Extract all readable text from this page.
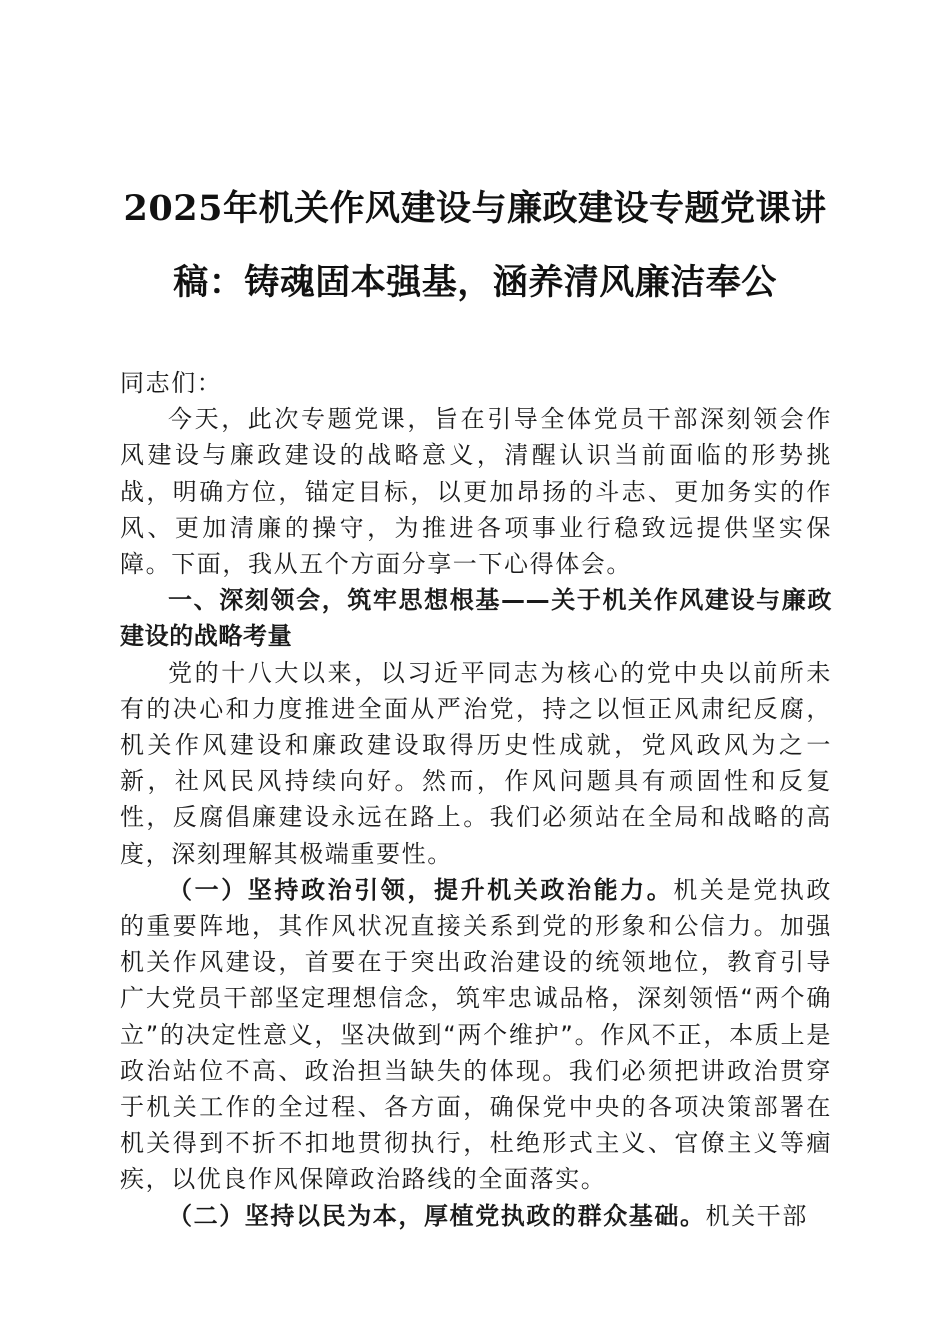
2025年机关作风建设与廉政建设专题党课讲
稿：铸魂固本强基，涵养清风廉洁奉公

同志们：

今天，此次专题党课，旨在引导全体党员干部深刻领会作风建设与廉政建设的战略意义，清醒认识当前面临的形势挑战，明确方位，锚定目标，以更加昂扬的斗志、更加务实的作风、更加清廉的操守，为推进各项事业行稳致远提供坚实保障。下面，我从五个方面分享一下心得体会。

一、深刻领会，筑牢思想根基——关于机关作风建设与廉政建设的战略考量

党的十八大以来，以习近平同志为核心的党中央以前所未有的决心和力度推进全面从严治党，持之以恒正风肃纪反腐，机关作风建设和廉政建设取得历史性成就，党风政风为之一新，社风民风持续向好。然而，作风问题具有顽固性和反复性，反腐倡廉建设永远在路上。我们必须站在全局和战略的高度，深刻理解其极端重要性。

（一）坚持政治引领，提升机关政治能力。机关是党执政的重要阵地，其作风状况直接关系到党的形象和公信力。加强机关作风建设，首要在于突出政治建设的统领地位，教育引导广大党员干部坚定理想信念，筑牢忠诚品格，深刻领悟“两个确立”的决定性意义，坚决做到“两个维护”。作风不正，本质上是政治站位不高、政治担当缺失的体现。我们必须把讲政治贯穿于机关工作的全过程、各方面，确保党中央的各项决策部署在机关得到不折不扣地贯彻执行，杜绝形式主义、官僚主义等痼疾，以优良作风保障政治路线的全面落实。

（二）坚持以民为本，厚植党执政的群众基础。机关干部
